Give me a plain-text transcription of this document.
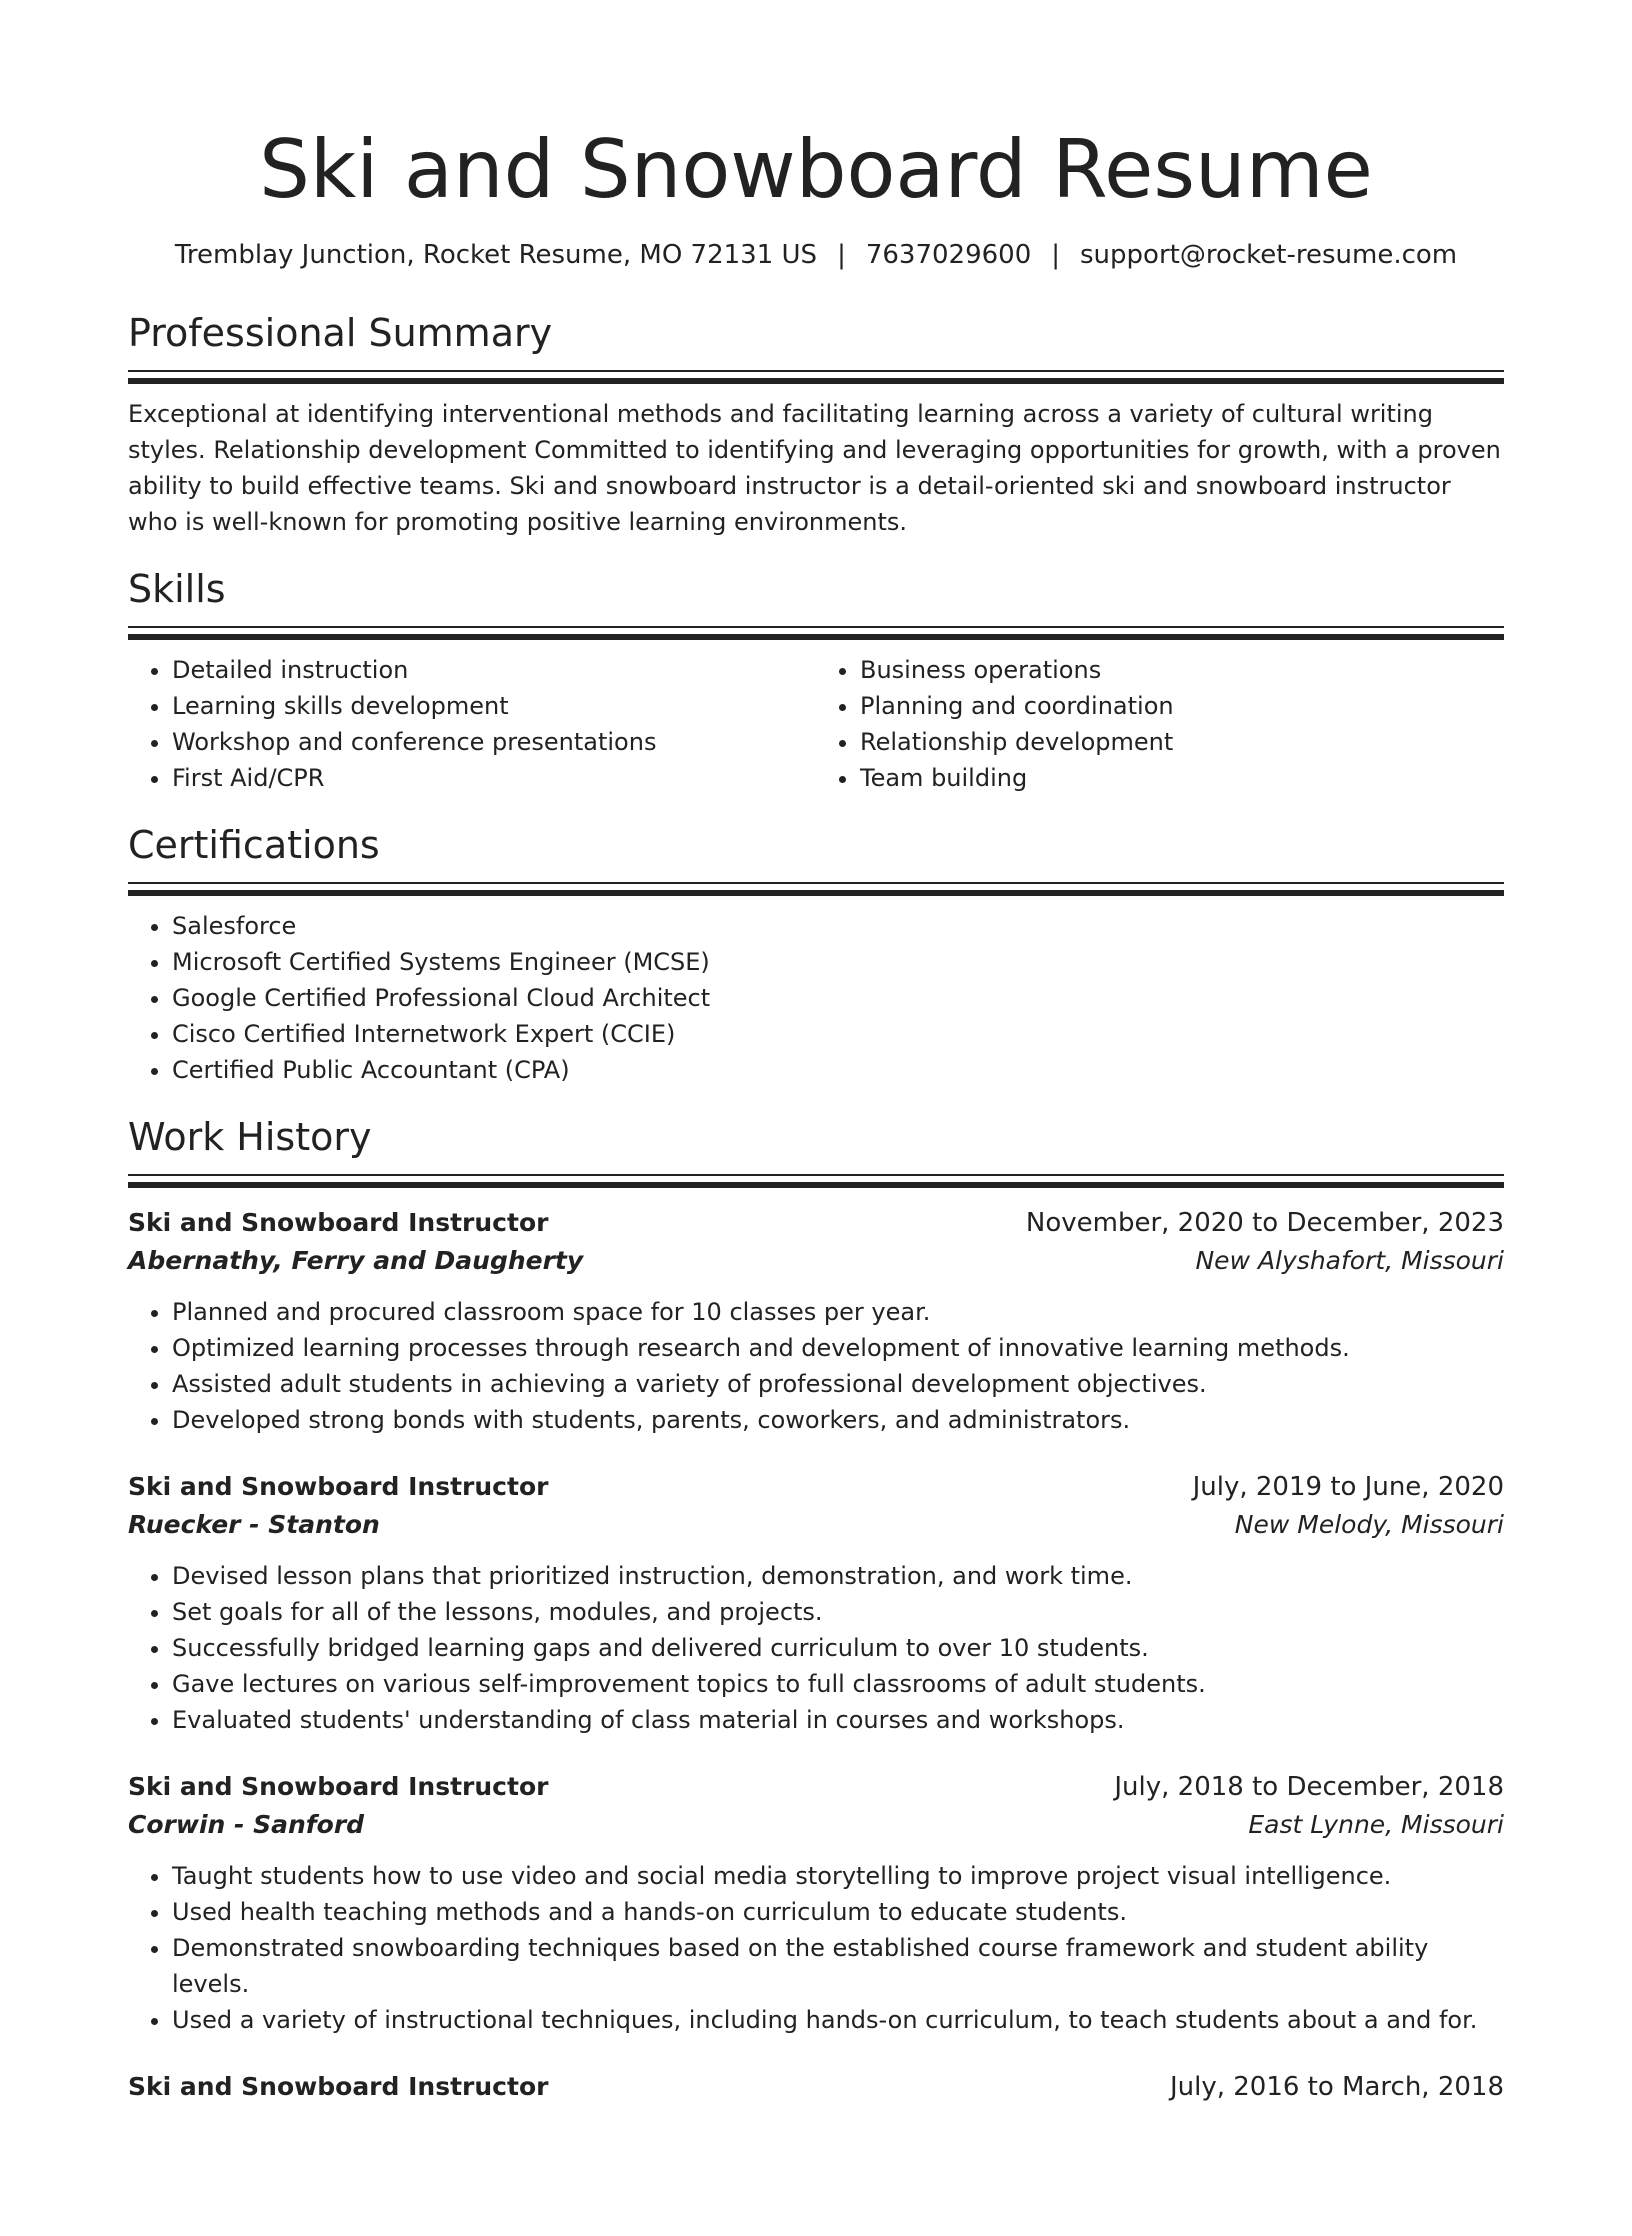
Ski and Snowboard Resume
Tremblay Junction, Rocket Resume, MO 72131 US | 7637029600 | support@rocket-resume.com
Professional Summary
Exceptional at identifying interventional methods and facilitating learning across a variety of cultural writing styles. Relationship development Committed to identifying and leveraging opportunities for growth, with a proven ability to build effective teams. Ski and snowboard instructor is a detail-oriented ski and snowboard instructor who is well-known for promoting positive learning environments.
Skills
• Detailed instruction
• Learning skills development
• Workshop and conference presentations
• First Aid/CPR
• Business operations
• Planning and coordination
• Relationship development
• Team building
Certifications
• Salesforce
• Microsoft Certified Systems Engineer (MCSE)
• Google Certified Professional Cloud Architect
• Cisco Certified Internetwork Expert (CCIE)
• Certified Public Accountant (CPA)
Work History
Ski and Snowboard Instructor	November, 2020 to December, 2023
Abernathy, Ferry and Daugherty	New Alyshafort, Missouri
• Planned and procured classroom space for 10 classes per year.
• Optimized learning processes through research and development of innovative learning methods.
• Assisted adult students in achieving a variety of professional development objectives.
• Developed strong bonds with students, parents, coworkers, and administrators.
Ski and Snowboard Instructor	July, 2019 to June, 2020
Ruecker - Stanton	New Melody, Missouri
• Devised lesson plans that prioritized instruction, demonstration, and work time.
• Set goals for all of the lessons, modules, and projects.
• Successfully bridged learning gaps and delivered curriculum to over 10 students.
• Gave lectures on various self-improvement topics to full classrooms of adult students.
• Evaluated students' understanding of class material in courses and workshops.
Ski and Snowboard Instructor	July, 2018 to December, 2018
Corwin - Sanford	East Lynne, Missouri
• Taught students how to use video and social media storytelling to improve project visual intelligence.
• Used health teaching methods and a hands-on curriculum to educate students.
• Demonstrated snowboarding techniques based on the established course framework and student ability levels.
• Used a variety of instructional techniques, including hands-on curriculum, to teach students about a and for.
Ski and Snowboard Instructor	July, 2016 to March, 2018
